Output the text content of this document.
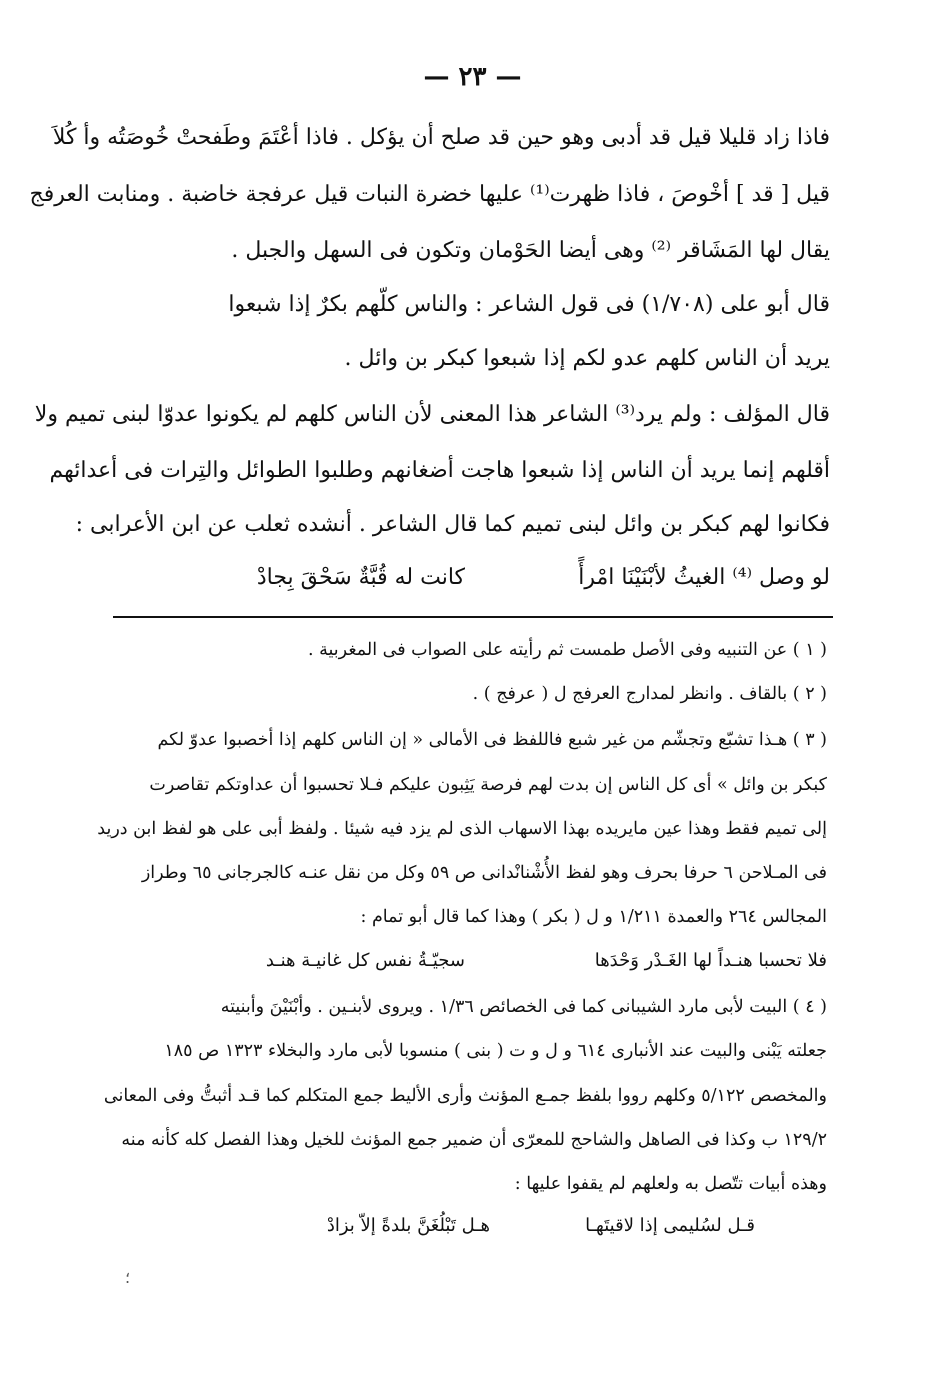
— ٢٣ —
فاذا زاد قليلا قيل قد أدبى وهو حين قد صلح أن يؤكل . فاذا أعْتَمَ وطَفحتْ خُوصَتُه وأ كُلاَ
قيل [ قد ] أخْوصَ ، فاذا ظهرت⁽¹⁾ عليها خضرة النبات قيل عرفجة خاضبة . ومنابت العرفج
يقال لها المَشَاقر ⁽²⁾ وهى أيضا الحَوْمان وتكون فى السهل والجبل .
قال أبو على (١/٧٠٨) فى قول الشاعر : والناس كلّهم بكرٌ إذا شبعوا
يريد أن الناس كلهم عدو لكم إذا شبعوا كبكر بن وائل .
قال المؤلف : ولم يرد⁽³⁾ الشاعر هذا المعنى لأن الناس كلهم لم يكونوا عدوّا لبنى تميم ولا
أقلهم إنما يريد أن الناس إذا شبعوا هاجت أضغانهم وطلبوا الطوائل والتِرات فى أعدائهم
فكانوا لهم كبكر بن وائل لبنى تميم كما قال الشاعر . أنشده ثعلب عن ابن الأعرابى :
لو وصل ⁽⁴⁾ الغيثُ لأبْنَيْنَا امْرأً
كانت له قُبَّةٌ سَحْقَ بِجادْ
( ١ ) عن التنبيه وفى الأصل طمست ثم رأيته على الصواب فى المغربية .
( ٢ ) بالقاف . وانظر لمدارج العرفج ل ( عرفج ) .
( ٣ ) هـذا تشبّع وتجشّم من غير شبع فاللفظ فى الأمالى « إن الناس كلهم إذا أخصبوا عدوّ لكم
كبكر بن وائل » أى كل الناس إن بدت لهم فرصة يَثِبون عليكم فـلا تحسبوا أن عداوتكم تقاصرت
إلى تميم فقط وهذا عين مايريده بهذا الاسهاب الذى لم يزد فيه شيئا . ولفظ أبى على هو لفظ ابن دريد
فى المـلاحن ٦ حرفا بحرف وهو لفظ الأُشْنانْدانى ص ٥٩ وكل من نقل عنـه كالجرجانى ٦٥ وطراز
المجالس ٢٦٤ والعمدة ١/٢١١ و ل ( بكر ) وهذا كما قال أبو تمام :
فلا تحسبا هنـداً لها الغَـدْر وَحْدَها
سجيّـةُ نفس كل غانيـة هنـد
( ٤ ) البيت لأبى مارد الشيبانى كما فى الخصائص ١/٣٦ . ويروى لأبنـين . وأبْنَيْنَ وأبنيته
جعلته يَبْنى والبيت عند الأنبارى ٦١٤ و ل و ت ( بنى ) منسوبا لأبى مارد والبخلاء ١٣٢٣ ص ١٨٥
والمخصص ٥/١٢٢ وكلهم رووا بلفظ جمـع المؤنث وأرى الأليط جمع المتكلم كما قـد أثبتُّ وفى المعانى
١٢٩/٢ ب وكذا فى الصاهل والشاحج للمعرّى أن ضمير جمع المؤنث للخيل وهذا الفصل كله كأنه منه
وهذه أبيات تتّصل به ولعلهم لم يقفوا عليها :
قـل لسُليمى إذا لاقيتَهـا
هـل تَبْلُغَنَّ بلدةً إلاّ بزادْ
؛
